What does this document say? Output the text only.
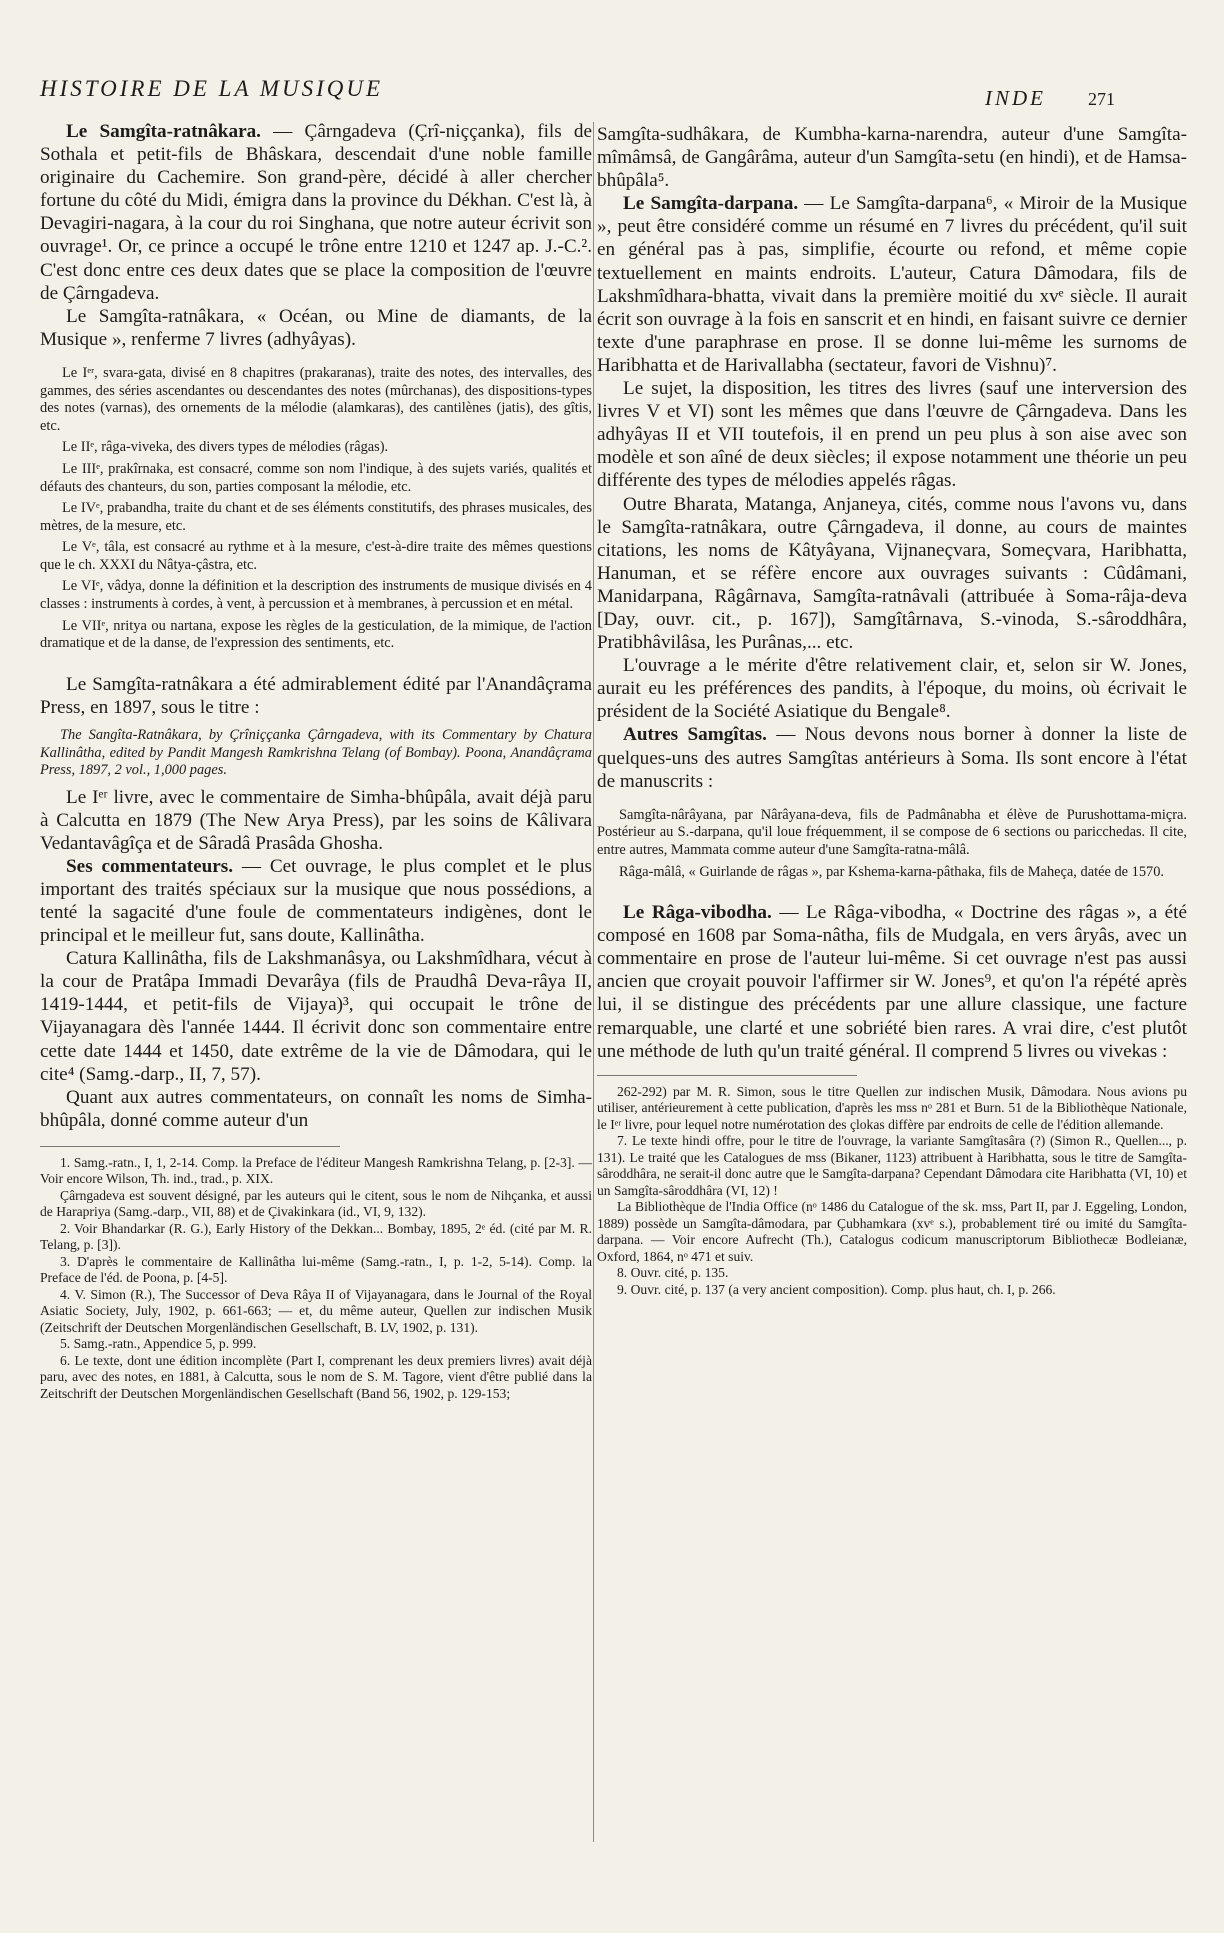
HISTOIRE DE LA MUSIQUE	INDE 271

Le Samgîta-ratnâkara. — Çârngadeva (Çrî-niççanka), fils de Sothala et petit-fils de Bhâskara, descendait d'une noble famille originaire du Cachemire. Son grand-père, décidé à aller chercher fortune du côté du Midi, émigra dans la province du Dékhan. C'est là, à Devagiri-nagara, à la cour du roi Singhana, que notre auteur écrivit son ouvrage¹. Or, ce prince a occupé le trône entre 1210 et 1247 ap. J.-C.². C'est donc entre ces deux dates que se place la composition de l'œuvre de Çârngadeva.

Le Samgîta-ratnâkara, « Océan, ou Mine de diamants, de la Musique », renferme 7 livres (adhyâyas).

Le Iᵉʳ, svara-gata, divisé en 8 chapitres (prakaranas), traite des notes, des intervalles, des gammes, des séries ascendantes ou descendantes des notes (mûrchanas), des dispositions-types des notes (varnas), des ornements de la mélodie (alamkaras), des cantilènes (jatis), des gîtis, etc.

Le IIᵉ, râga-viveka, des divers types de mélodies (râgas).

Le IIIᵉ, prakîrnaka, est consacré, comme son nom l'indique, à des sujets variés, qualités et défauts des chanteurs, du son, parties composant la mélodie, etc.

Le IVᵉ, prabandha, traite du chant et de ses éléments constitutifs, des phrases musicales, des mètres, de la mesure, etc.

Le Vᵉ, tâla, est consacré au rythme et à la mesure, c'est-à-dire traite des mêmes questions que le ch. XXXI du Nâtya-çâstra, etc.

Le VIᵉ, vâdya, donne la définition et la description des instruments de musique divisés en 4 classes : instruments à cordes, à vent, à percussion et à membranes, à percussion et en métal.

Le VIIᵉ, nritya ou nartana, expose les règles de la gesticulation, de la mimique, de l'action dramatique et de la danse, de l'expression des sentiments, etc.

Le Samgîta-ratnâkara a été admirablement édité par l'Anandâçrama Press, en 1897, sous le titre :

The Sangîta-Ratnâkara, by Çrîniççanka Çârngadeva, with its Commentary by Chatura Kallinâtha, edited by Pandit Mangesh Ramkrishna Telang (of Bombay). Poona, Anandâçrama Press, 1897, 2 vol., 1,000 pages.

Le Iᵉʳ livre, avec le commentaire de Simha-bhûpâla, avait déjà paru à Calcutta en 1879 (The New Arya Press), par les soins de Kâlivara Vedantavâgîça et de Sâradâ Prasâda Ghosha.

Ses commentateurs. — Cet ouvrage, le plus complet et le plus important des traités spéciaux sur la musique que nous possédions, a tenté la sagacité d'une foule de commentateurs indigènes, dont le principal et le meilleur fut, sans doute, Kallinâtha.

Catura Kallinâtha, fils de Lakshmanâsya, ou Lakshmîdhara, vécut à la cour de Pratâpa Immadi Devarâya (fils de Praudhâ Deva-râya II, 1419-1444, et petit-fils de Vijaya)³, qui occupait le trône de Vijayanagara dès l'année 1444. Il écrivit donc son commentaire entre cette date 1444 et 1450, date extrême de la vie de Dâmodara, qui le cite⁴ (Samg.-darp., II, 7, 57).

Quant aux autres commentateurs, on connaît les noms de Simha-bhûpâla, donné comme auteur d'un

1. Samg.-ratn., I, 1, 2-14. Comp. la Preface de l'éditeur Mangesh Ramkrishna Telang, p. [2-3]. — Voir encore Wilson, Th. ind., trad., p. XIX.

Çârngadeva est souvent désigné, par les auteurs qui le citent, sous le nom de Nihçanka, et aussi de Harapriya (Samg.-darp., VII, 88) et de Çivakinkara (id., VI, 9, 132).

2. Voir Bhandarkar (R. G.), Early History of the Dekkan... Bombay, 1895, 2ᵉ éd. (cité par M. R. Telang, p. [3]).

3. D'après le commentaire de Kallinâtha lui-même (Samg.-ratn., I, p. 1-2, 5-14). Comp. la Preface de l'éd. de Poona, p. [4-5].

4. V. Simon (R.), The Successor of Deva Râya II of Vijayanagara, dans le Journal of the Royal Asiatic Society, July, 1902, p. 661-663; — et, du même auteur, Quellen zur indischen Musik (Zeitschrift der Deutschen Morgenländischen Gesellschaft, B. LV, 1902, p. 131).

5. Samg.-ratn., Appendice 5, p. 999.

6. Le texte, dont une édition incomplète (Part I, comprenant les deux premiers livres) avait déjà paru, avec des notes, en 1881, à Calcutta, sous le nom de S. M. Tagore, vient d'être publié dans la Zeitschrift der Deutschen Morgenländischen Gesellschaft (Band 56, 1902, p. 129-153;

Samgîta-sudhâkara, de Kumbha-karna-narendra, auteur d'une Samgîta-mîmâmsâ, de Gangârâma, auteur d'un Samgîta-setu (en hindi), et de Hamsa-bhûpâla⁵.

Le Samgîta-darpana. — Le Samgîta-darpana⁶, « Miroir de la Musique », peut être considéré comme un résumé en 7 livres du précédent, qu'il suit en général pas à pas, simplifie, écourte ou refond, et même copie textuellement en maints endroits. L'auteur, Catura Dâmodara, fils de Lakshmîdhara-bhatta, vivait dans la première moitié du xvᵉ siècle. Il aurait écrit son ouvrage à la fois en sanscrit et en hindi, en faisant suivre ce dernier texte d'une paraphrase en prose. Il se donne lui-même les surnoms de Haribhatta et de Harivallabha (sectateur, favori de Vishnu)⁷.

Le sujet, la disposition, les titres des livres (sauf une interversion des livres V et VI) sont les mêmes que dans l'œuvre de Çârngadeva. Dans les adhyâyas II et VII toutefois, il en prend un peu plus à son aise avec son modèle et son aîné de deux siècles; il expose notamment une théorie un peu différente des types de mélodies appelés râgas.

Outre Bharata, Matanga, Anjaneya, cités, comme nous l'avons vu, dans le Samgîta-ratnâkara, outre Çârngadeva, il donne, au cours de maintes citations, les noms de Kâtyâyana, Vijnaneçvara, Someçvara, Haribhatta, Hanuman, et se réfère encore aux ouvrages suivants : Cûdâmani, Manidarpana, Râgârnava, Samgîta-ratnâvali (attribuée à Soma-râja-deva [Day, ouvr. cit., p. 167]), Samgîtârnava, S.-vinoda, S.-sâroddhâra, Pratibhâvilâsa, les Purânas,... etc.

L'ouvrage a le mérite d'être relativement clair, et, selon sir W. Jones, aurait eu les préférences des pandits, à l'époque, du moins, où écrivait le président de la Société Asiatique du Bengale⁸.

Autres Samgîtas. — Nous devons nous borner à donner la liste de quelques-uns des autres Samgîtas antérieurs à Soma. Ils sont encore à l'état de manuscrits :

Samgîta-nârâyana, par Nârâyana-deva, fils de Padmânabha et élève de Purushottama-miçra. Postérieur au S.-darpana, qu'il loue fréquemment, il se compose de 6 sections ou paricchedas. Il cite, entre autres, Mammata comme auteur d'une Samgîta-ratna-mâlâ.

Râga-mâlâ, « Guirlande de râgas », par Kshema-karna-pâthaka, fils de Maheça, datée de 1570.

Le Râga-vibodha. — Le Râga-vibodha, « Doctrine des râgas », a été composé en 1608 par Soma-nâtha, fils de Mudgala, en vers âryâs, avec un commentaire en prose de l'auteur lui-même. Si cet ouvrage n'est pas aussi ancien que croyait pouvoir l'affirmer sir W. Jones⁹, et qu'on l'a répété après lui, il se distingue des précédents par une allure classique, une facture remarquable, une clarté et une sobriété bien rares. A vrai dire, c'est plutôt une méthode de luth qu'un traité général. Il comprend 5 livres ou vivekas :

262-292) par M. R. Simon, sous le titre Quellen zur indischen Musik, Dâmodara. Nous avions pu utiliser, antérieurement à cette publication, d'après les mss nᵒ 281 et Burn. 51 de la Bibliothèque Nationale, le Iᵉʳ livre, pour lequel notre numérotation des çlokas diffère par endroits de celle de l'édition allemande.

7. Le texte hindi offre, pour le titre de l'ouvrage, la variante Samgîtasâra (?) (Simon R., Quellen..., p. 131). Le traité que les Catalogues de mss (Bikaner, 1123) attribuent à Haribhatta, sous le titre de Samgîta-sâroddhâra, ne serait-il donc autre que le Samgîta-darpana? Cependant Dâmodara cite Haribhatta (VI, 10) et un Samgîta-sâroddhâra (VI, 12) !

La Bibliothèque de l'India Office (nᵒ 1486 du Catalogue of the sk. mss, Part II, par J. Eggeling, London, 1889) possède un Samgîta-dâmodara, par Çubhamkara (xvᵉ s.), probablement tiré ou imité du Samgîta-darpana. — Voir encore Aufrecht (Th.), Catalogus codicum manuscriptorum Bibliothecæ Bodleianæ, Oxford, 1864, nᵒ 471 et suiv.

8. Ouvr. cité, p. 135.

9. Ouvr. cité, p. 137 (a very ancient composition). Comp. plus haut, ch. I, p. 266.
